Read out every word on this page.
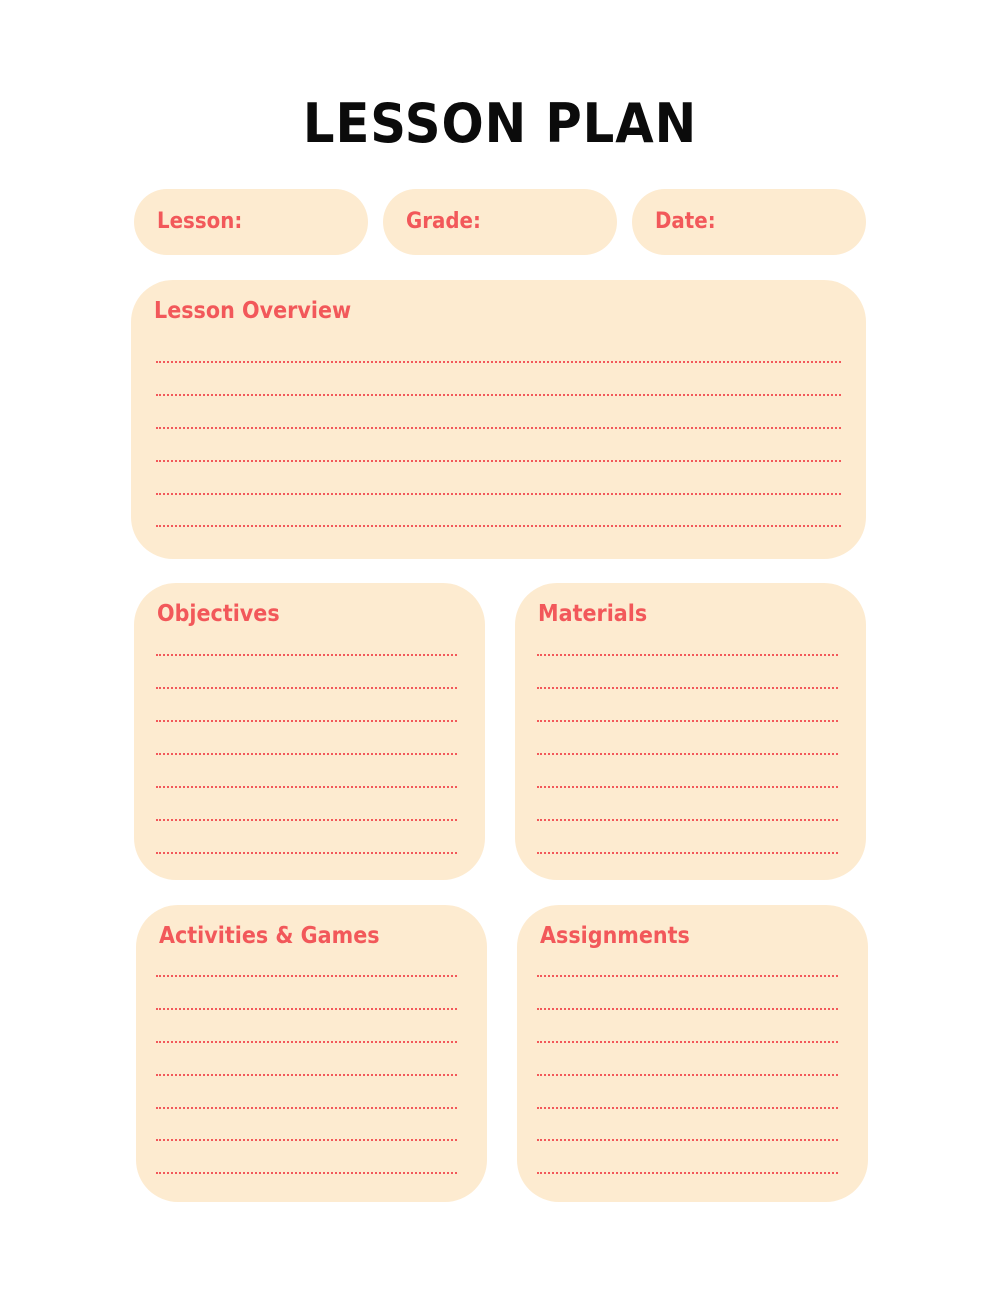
LESSON PLAN
Lesson:	Grade:	Date:
Lesson Overview
Objectives	Materials
Activities & Games	Assignments
